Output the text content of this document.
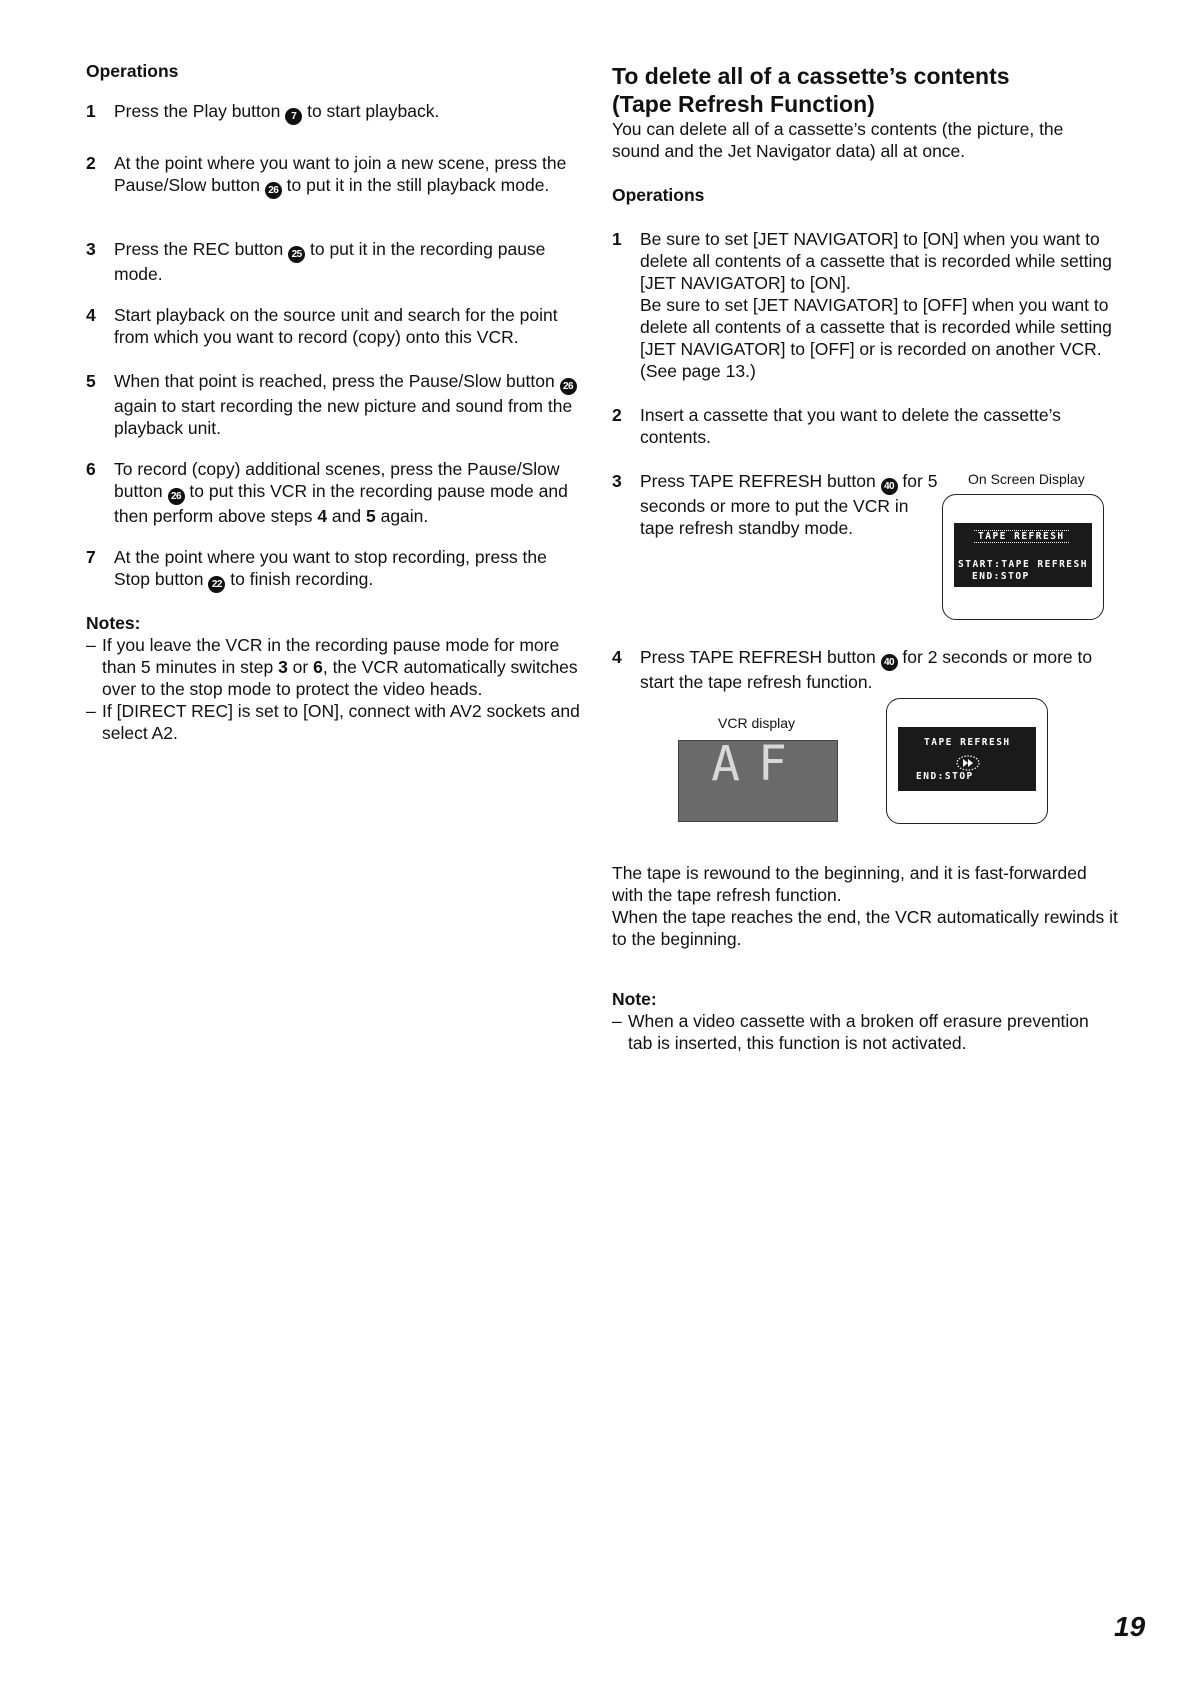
Operations
1 Press the Play button 7 to start playback.
2 At the point where you want to join a new scene, press the Pause/Slow button 26 to put it in the still playback mode.
3 Press the REC button 25 to put it in the recording pause mode.
4 Start playback on the source unit and search for the point from which you want to record (copy) onto this VCR.
5 When that point is reached, press the Pause/Slow button 26 again to start recording the new picture and sound from the playback unit.
6 To record (copy) additional scenes, press the Pause/Slow button 26 to put this VCR in the recording pause mode and then perform above steps 4 and 5 again.
7 At the point where you want to stop recording, press the Stop button 22 to finish recording.
Notes:
– If you leave the VCR in the recording pause mode for more than 5 minutes in step 3 or 6, the VCR automatically switches over to the stop mode to protect the video heads.
– If [DIRECT REC] is set to [ON], connect with AV2 sockets and select A2.
To delete all of a cassette’s contents
(Tape Refresh Function)
You can delete all of a cassette’s contents (the picture, the sound and the Jet Navigator data) all at once.
Operations
1 Be sure to set [JET NAVIGATOR] to [ON] when you want to delete all contents of a cassette that is recorded while setting [JET NAVIGATOR] to [ON].
Be sure to set [JET NAVIGATOR] to [OFF] when you want to delete all contents of a cassette that is recorded while setting [JET NAVIGATOR] to [OFF] or is recorded on another VCR. (See page 13.)
2 Insert a cassette that you want to delete the cassette’s contents.
3 Press TAPE REFRESH button 40 for 5 seconds or more to put the VCR in tape refresh standby mode.
On Screen Display
TAPE REFRESH
START:TAPE REFRESH
END:STOP
4 Press TAPE REFRESH button 40 for 2 seconds or more to start the tape refresh function.
VCR display
AF	TAPE REFRESH
END:STOP
The tape is rewound to the beginning, and it is fast-forwarded with the tape refresh function.
When the tape reaches the end, the VCR automatically rewinds it to the beginning.
Note:
– When a video cassette with a broken off erasure prevention tab is inserted, this function is not activated.
19
